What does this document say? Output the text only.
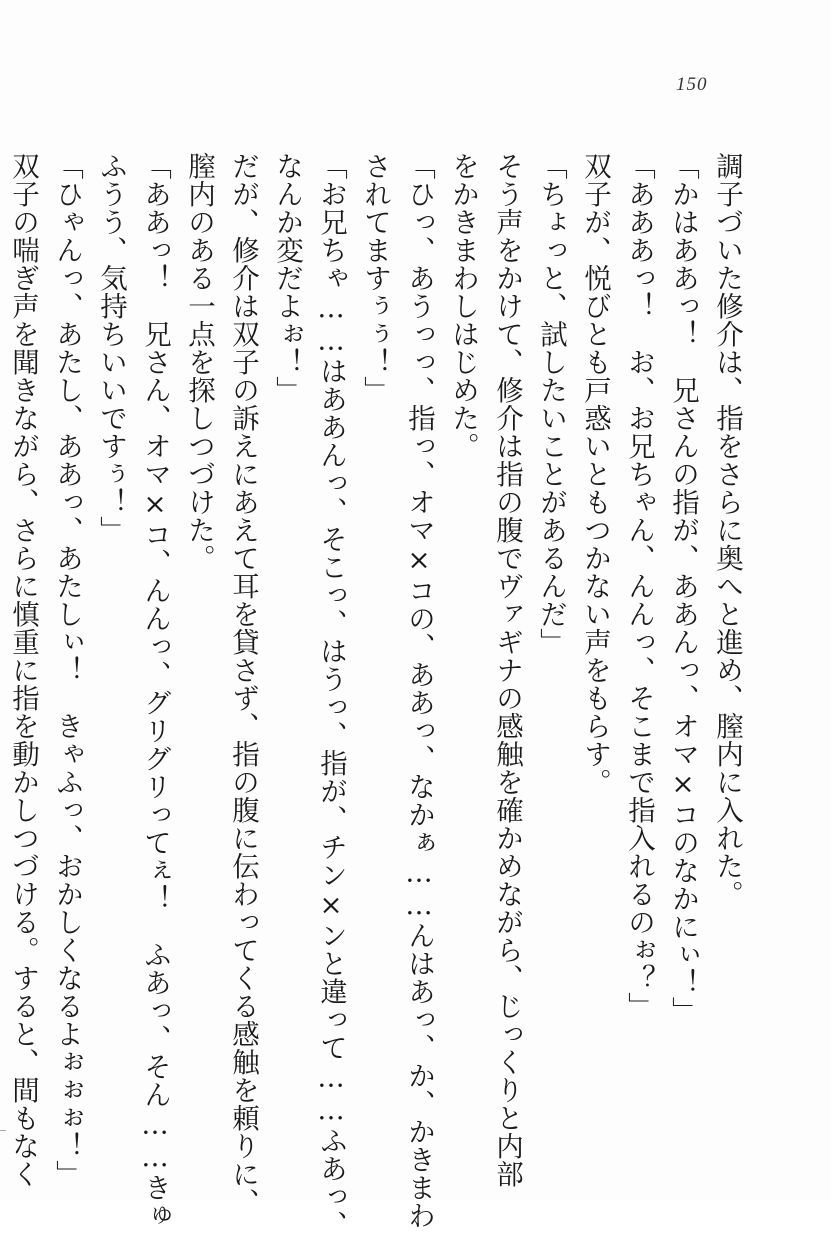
150
調子づいた修介は、指をさらに奥へと進め、膣内に入れた。
「かはああっ！　兄さんの指が、ああんっ、オマ×コのなかにぃ！」
「あああっ！　お、お兄ちゃん、んんっ、そこまで指入れるのぉ？」
双子が、悦びとも戸惑いともつかない声をもらす。
「ちょっと、試したいことがあるんだ」
そう声をかけて、修介は指の腹でヴァギナの感触を確かめながら、じっくりと内部
をかきまわしはじめた。
「ひっ、あうっっ、指っ、オマ×コの、ああっ、なかぁ……んはあっ、か、かきまわ
されてますぅぅ！」
「お兄ちゃ……はああんっ、そこっ、はうっ、指が、チン×ンと違って……ふあっ、
なんか変だよぉ！」
だが、修介は双子の訴えにあえて耳を貸さず、指の腹に伝わってくる感触を頼りに、
膣内のある一点を探しつづけた。
「ああっ！　兄さん、オマ×コ、んんっ、グリグリってぇ！　ふあっ、そん……きゅ
ふうう、気持ちいいですぅ！」
「ひゃんっ、あたし、ああっ、あたしぃ！　きゃふっ、おかしくなるよぉぉぉ！」
双子の喘ぎ声を聞きながら、さらに慎重に指を動かしつづける。すると、間もなく
